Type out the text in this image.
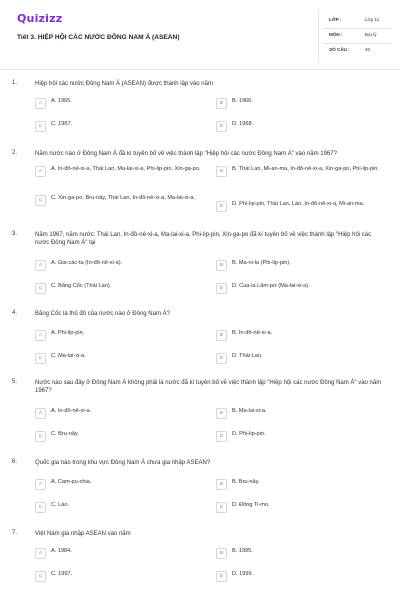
Quizizz
Tiết 3. HIỆP HỘI CÁC NƯỚC ĐÔNG NAM Á (ASEAN)
LỚP :	Lớp 11
MÔN :	Địa lý
SỐ CÂU :	40
1.	Hiệp hội các nước Đông Nam Á (ASEAN) được thành lập vào năm
A	A. 1965.	B	B. 1966.
C	C. 1967.	D	D. 1968.
2.	Năm nước nào ở Đông Nam Á đã kí tuyên bố về việc thành lập "Hiệp hội các nước Đông Nam Á" vào năm 1967?
A	A. In-đô-nê-xi-a, Thái Lan, Ma-lai-xi-a, Phi-lip-pin, Xin-ga-po.	B	B. Thái Lan, Mi-an-ma, In-đô-nê-xi-a, Xin-ga-po, Phi-lip-pin.
C	C. Xin-ga-po, Bru-nây, Thái Lan, In-đô-nê-xi-a, Ma-lai-xi-a.
D	D. Phi-lip-pin, Thái Lan, Lào, In-đô-nê-xi-a, Mi-an-ma.
3.	Năm 1967, năm nước: Thái Lan, In-đô-nê-xi-a, Ma-lai-xi-a, Phi-lip-pin, Xin-ga-po đã kí tuyên bố về việc thành lập "Hiệp hội các nước Đông Nam Á" tại
A	A. Gia-các-ta (In-đô-nê-xi-a).	B	B. Ma-ni-la (Phi-lip-pin).
C	C. Băng Cốc (Thái Lan).	D	D. Cua-la Lăm-pơ (Ma-lai-xi-a).
4.	Băng Cốc là thủ đô của nước nào ở Đông Nam Á?
A	A. Phi-lip-pin.	B	B. In-đô-nê-xi-a.
C	C. Ma-lai-xi-a.	D	D. Thái Lan.
5.	Nước nào sau đây ở Đông Nam Á không phải là nước đã kí tuyên bố về việc thành lập "Hiệp hội các nước Đông Nam Á" vào năm 1967?
A	A. In-đô-nê-xi-a.	B	B. Ma-lai-xi-a.
C	C. Bru-nây.	D	D. Phi-lip-pin.
6.	Quốc gia nào trong khu vực Đông Nam Á chưa gia nhập ASEAN?
A	A. Cam-pu-chia.	B	B. Bru-nây.
C	C. Lào.	D	D. Đông Ti-mo.
7.	Việt Nam gia nhập ASEAN vào năm
A	A. 1984.	B	B. 1995.
C	C. 1997.	D	D. 1999.
